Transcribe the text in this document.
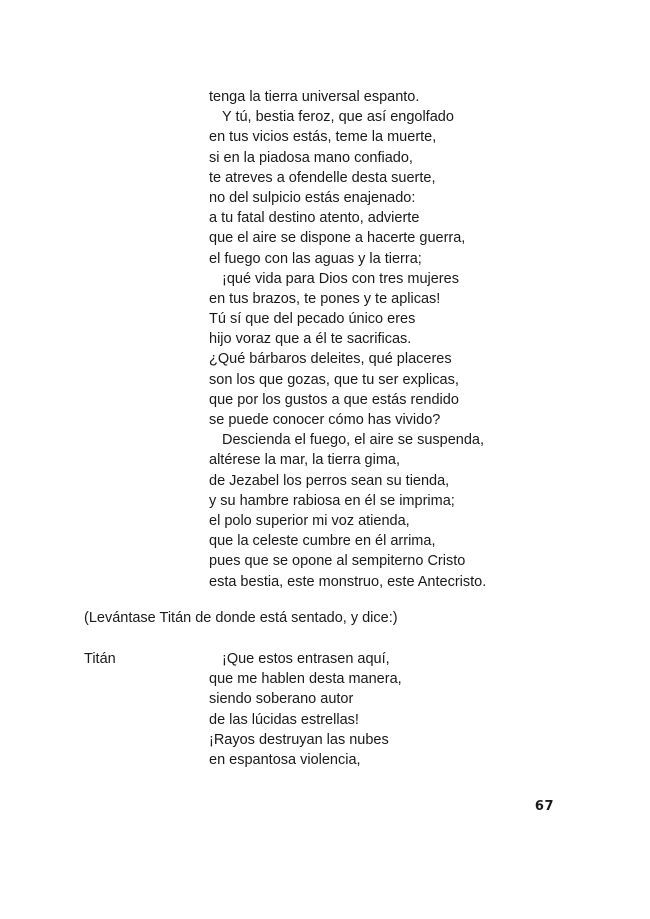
tenga la tierra universal espanto.
Y tú, bestia feroz, que así engolfado
en tus vicios estás, teme la muerte,
si en la piadosa mano confiado,
te atreves a ofendelle desta suerte,
no del sulpicio estás enajenado:
a tu fatal destino atento, advierte
que el aire se dispone a hacerte guerra,
el fuego con las aguas y la tierra;
¡qué vida para Dios con tres mujeres
en tus brazos, te pones y te aplicas!
Tú sí que del pecado único eres
hijo voraz que a él te sacrificas.
¿Qué bárbaros deleites, qué placeres
son los que gozas, que tu ser explicas,
que por los gustos a que estás rendido
se puede conocer cómo has vivido?
Descienda el fuego, el aire se suspenda,
altérese la mar, la tierra gima,
de Jezabel los perros sean su tienda,
y su hambre rabiosa en él se imprima;
el polo superior mi voz atienda,
que la celeste cumbre en él arrima,
pues que se opone al sempiterno Cristo
esta bestia, este monstruo, este Antecristo.
(Levántase Titán de donde está sentado, y dice:)
Titán	¡Que estos entrasen aquí,
que me hablen desta manera,
siendo soberano autor
de las lúcidas estrellas!
¡Rayos destruyan las nubes
en espantosa violencia,
67
